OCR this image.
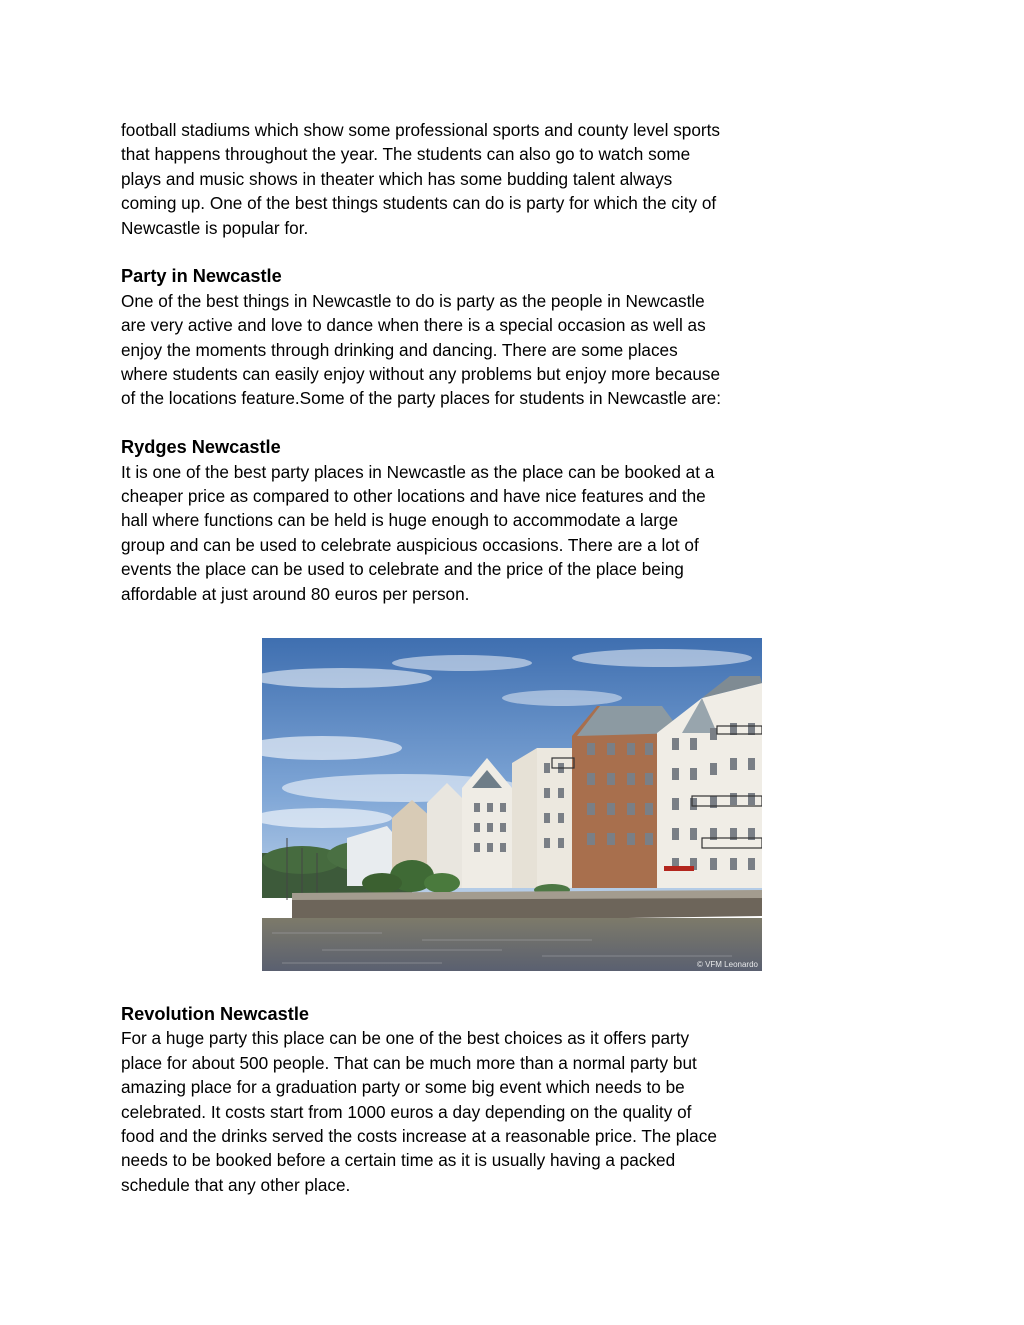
football stadiums which show some professional sports and county level sports
that happens throughout the year. The students can also go to watch some
plays and music shows in theater which has some budding talent always
coming up. One of the best things students can do is party for which the city of
Newcastle is popular for.

Party in Newcastle

One of the best things in Newcastle to do is party as the people in Newcastle
are very active and love to dance when there is a special occasion as well as
enjoy the moments through drinking and dancing. There are some places
where students can easily enjoy without any problems but enjoy more because
of the locations feature.Some of the party places for students in Newcastle are:

Rydges Newcastle

It is one of the best party places in Newcastle as the place can be booked at a
cheaper price as compared to other locations and have nice features and the
hall where functions can be held is huge enough to accommodate a large
group and can be used to celebrate auspicious occasions. There are a lot of
events the place can be used to celebrate and the price of the place being
affordable at just around 80 euros per person.

© VFM Leonardo
Revolution Newcastle

For a huge party this place can be one of the best choices as it offers party
place for about 500 people. That can be much more than a normal party but
amazing place for a graduation party or some big event which needs to be
celebrated. It costs start from 1000 euros a day depending on the quality of
food and the drinks served the costs increase at a reasonable price. The place
needs to be booked before a certain time as it is usually having a packed
schedule that any other place.
